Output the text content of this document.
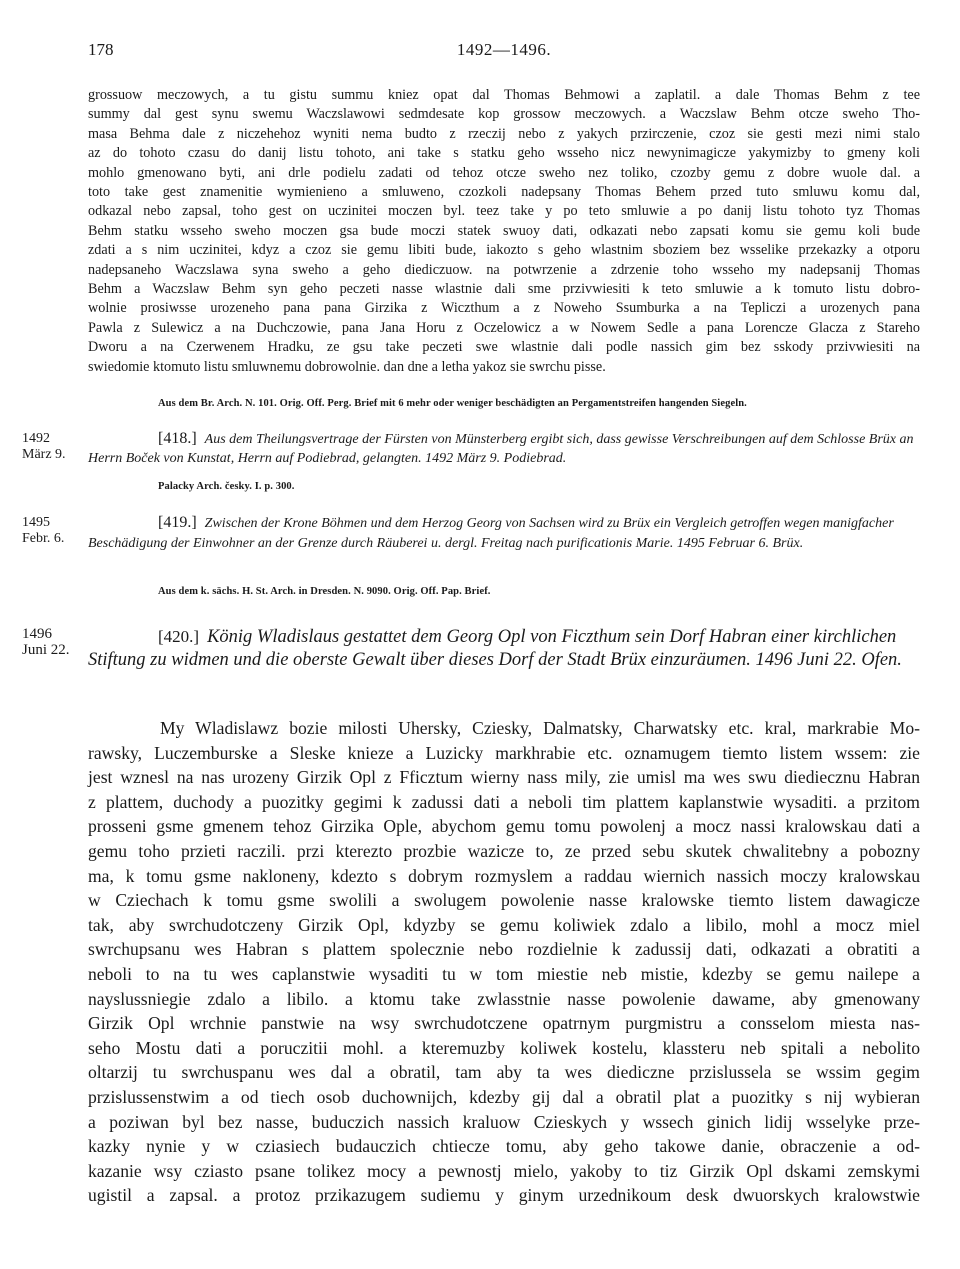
178	1492—1496.
grossuow meczowych, a tu gistu summu kniez opat dal Thomas Behmowi a zaplatil. a dale Thomas Behm z tee
summy dal gest synu swemu Waczslawowi sedmdesate kop grossow meczowych. a Waczslaw Behm otcze sweho Tho-
masa Behma dale z niczehehoz wyniti nema budto z rzeczij nebo z yakych przirczenie, czoz sie gesti mezi nimi stalo
az do tohoto czasu do danij listu tohoto, ani take s statku geho wsseho nicz newynimagicze yakymizby to gmeny koli
mohlo gmenowano byti, ani drle podielu zadati od tehoz otcze sweho nez toliko, czozby gemu z dobre wuole dal. a
toto take gest znamenitie wymienieno a smluweno, czozkoli nadepsany Thomas Behem przed tuto smluwu komu dal,
odkazal nebo zapsal, toho gest on uczinitei moczen byl. teez take y po teto smluwie a po danij listu tohoto tyz Thomas
Behm statku wsseho sweho moczen gsa bude moczi statek swuoy dati, odkazati nebo zapsati komu sie gemu koli bude
zdati a s nim uczinitei, kdyz a czoz sie gemu libiti bude, iakozto s geho wlastnim sboziem bez wsselike przekazky a otporu
nadepsaneho Waczslawa syna sweho a geho diediczuow. na potwrzenie a zdrzenie toho wsseho my nadepsanij Thomas
Behm a Waczslaw Behm syn geho peczeti nasse wlastnie dali sme przivwiesiti k teto smluwie a k tomuto listu dobro-
wolnie prosiwsse urozeneho pana pana Girzika z Wiczthum a z Noweho Ssumburka a na Tepliczi a urozenych pana
Pawla z Sulewicz a na Duchczowie, pana Jana Horu z Oczelowicz a w Nowem Sedle a pana Lorencze Glacza z Stareho
Dworu a na Czerwenem Hradku, ze gsu take peczeti swe wlastnie dali podle nassich gim bez sskody przivwiesiti na
swiedomie ktomuto listu smluwnemu dobrowolnie. dan dne a letha yakoz sie swrchu pisse.
Aus dem Br. Arch. N. 101. Orig. Off. Perg. Brief mit 6 mehr oder weniger beschädigten an Pergamentstreifen hangenden Siegeln.
1492
März 9.
[418.] Aus dem Theilungsvertrage der Fürsten von Münsterberg ergibt sich, dass gewisse Verschreibungen auf dem Schlosse Brüx an Herrn Boček von Kunstat, Herrn auf Podiebrad, gelangten. 1492 März 9. Podiebrad.
Palacky Arch. česky. I. p. 300.
1495
Febr. 6.
[419.] Zwischen der Krone Böhmen und dem Herzog Georg von Sachsen wird zu Brüx ein Vergleich getroffen wegen manigfacher Beschädigung der Einwohner an der Grenze durch Räuberei u. dergl. Freitag nach purificationis Marie. 1495 Februar 6. Brüx.
Aus dem k. sächs. H. St. Arch. in Dresden. N. 9090. Orig. Off. Pap. Brief.
1496
Juni 22.
[420.] König Wladislaus gestattet dem Georg Opl von Ficzthum sein Dorf Habran einer kirchlichen Stiftung zu widmen und die oberste Gewalt über dieses Dorf der Stadt Brüx einzuräumen. 1496 Juni 22. Ofen.
My Wladislawz bozie milosti Uhersky, Cziesky, Dalmatsky, Charwatsky etc. kral, markrabie Mo-
rawsky, Luczemburske a Sleske knieze a Luzicky markhrabie etc. oznamugem tiemto listem wssem: zie
jest wznesl na nas urozeny Girzik Opl z Fficztum wierny nass mily, zie umisl ma wes swu diediecznu Habran
z plattem, duchody a puozitky gegimi k zadussi dati a neboli tim plattem kaplanstwie wysaditi. a przitom
prosseni gsme gmenem tehoz Girzika Ople, abychom gemu tomu powolenj a mocz nassi kralowskau dati a
gemu toho przieti raczili. przi kterezto prozbie wazicze to, ze przed sebu skutek chwalitebny a pobozny
ma, k tomu gsme nakloneny, kdezto s dobrym rozmyslem a raddau wiernich nassich moczy kralowskau
w Cziechach k tomu gsme swolili a swolugem powolenie nasse kralowske tiemto listem dawagicze
tak, aby swrchudotczeny Girzik Opl, kdyzby se gemu koliwiek zdalo a libilo, mohl a mocz miel
swrchupsanu wes Habran s plattem spolecznie nebo rozdielnie k zadussij dati, odkazati a obratiti a
neboli to na tu wes caplanstwie wysaditi tu w tom miestie neb mistie, kdezby se gemu nailepe a
nayslussniegie zdalo a libilo. a ktomu take zwlasstnie nasse powolenie dawame, aby gmenowany
Girzik Opl wrchnie panstwie na wsy swrchudotczene opatrnym purgmistru a consselom miesta nas-
seho Mostu dati a poruczitii mohl. a kteremuzby koliwek kostelu, klassteru neb spitali a nebolito
oltarzij tu swrchuspanu wes dal a obratil, tam aby ta wes diediczne przislussela se wssim gegim
przislussenstwim a od tiech osob duchownijch, kdezby gij dal a obratil plat a puozitky s nij wybieran
a poziwan byl bez nasse, buduczich nassich kraluow Czieskych y wssech ginich lidij wsselyke prze-
kazky nynie y w cziasiech budauczich chtiecze tomu, aby geho takowe danie, obraczenie a od-
kazanie wsy cziasto psane tolikez mocy a pewnostj mielo, yakoby to tiz Girzik Opl dskami zemskymi
ugistil a zapsal. a protoz przikazugem sudiemu y ginym urzednikoum desk dwuorskych kralowstwie
